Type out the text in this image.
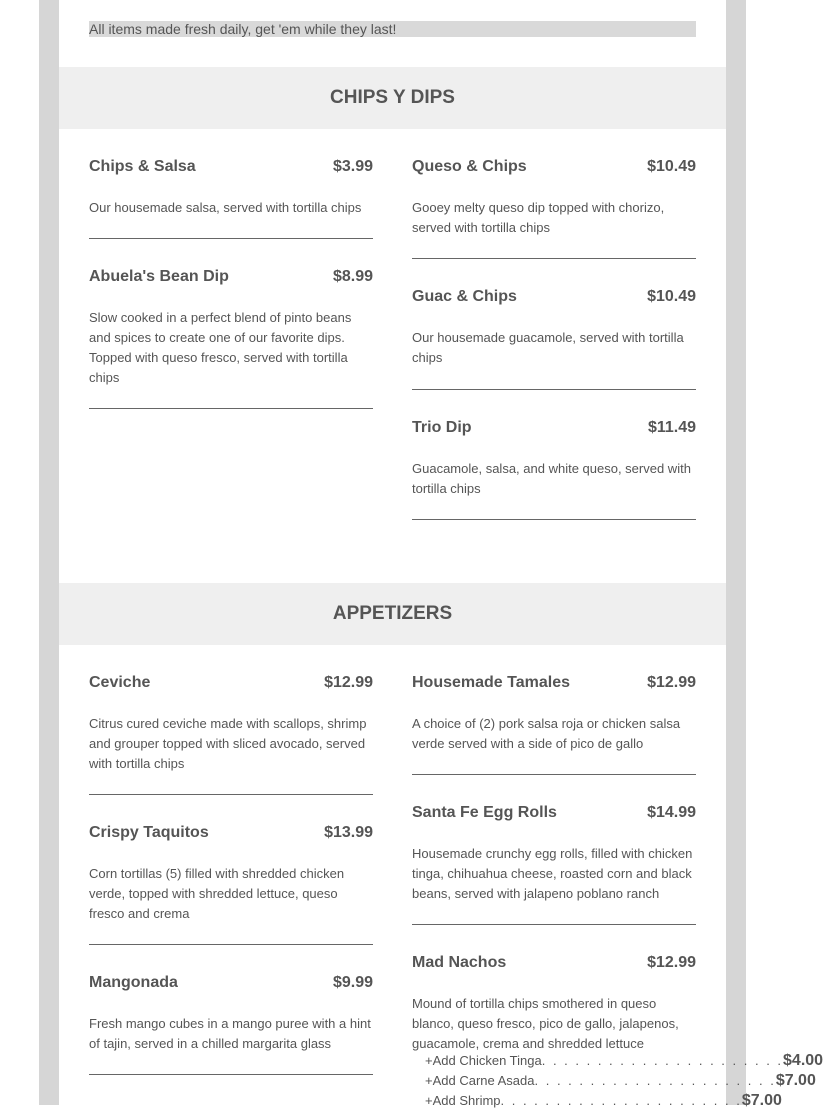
All items made fresh daily, get 'em while they last!
CHIPS Y DIPS
Chips & Salsa	$3.99
Our housemade salsa, served with tortilla chips
Abuela's Bean Dip	$8.99
Slow cooked in a perfect blend of pinto beans and spices to create one of our favorite dips. Topped with queso fresco, served with tortilla chips
Queso & Chips	$10.49
Gooey melty queso dip topped with chorizo, served with tortilla chips
Guac & Chips	$10.49
Our housemade guacamole, served with tortilla chips
Trio Dip	$11.49
Guacamole, salsa, and white queso, served with tortilla chips
APPETIZERS
Ceviche	$12.99
Citrus cured ceviche made with scallops, shrimp and grouper topped with sliced avocado, served with tortilla chips
Crispy Taquitos	$13.99
Corn tortillas (5) filled with shredded chicken verde, topped with shredded lettuce, queso fresco and crema
Mangonada	$9.99
Fresh mango cubes in a mango puree with a hint of tajin, served in a chilled margarita glass
Housemade Tamales	$12.99
A choice of (2) pork salsa roja or chicken salsa verde served with a side of pico de gallo
Santa Fe Egg Rolls	$14.99
Housemade crunchy egg rolls, filled with chicken tinga, chihuahua cheese, roasted corn and black beans, served with jalapeno poblano ranch
Mad Nachos	$12.99
Mound of tortilla chips smothered in queso blanco, queso fresco, pico de gallo, jalapenos, guacamole, crema and shredded lettuce
+ Add Chicken Tinga . . . . . . . . . . . . . . . . . . . . . . $4.00
+ Add Carne Asada . . . . . . . . . . . . . . . . . . . . . . $7.00
+ Add Shrimp . . . . . . . . . . . . . . . . . . . . . . $7.00
